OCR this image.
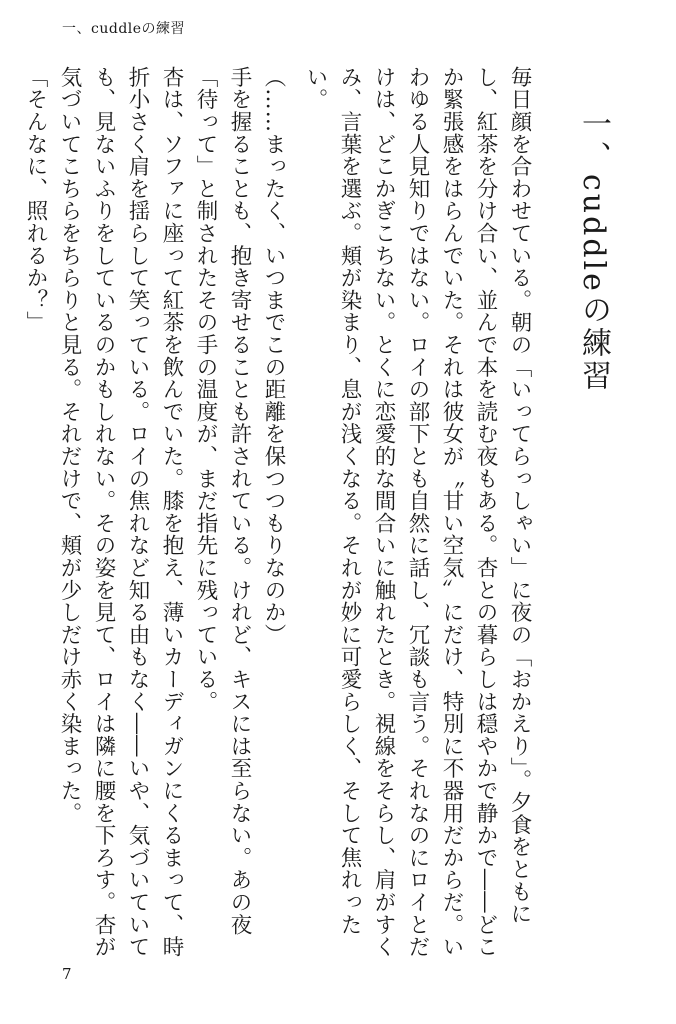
一、cuddleの練習
一、cuddleの練習

毎日顔を合わせている。朝の「いってらっしゃい」に夜の「おかえり」。夕食をともにし、紅茶を分け合い、並んで本を読む夜もある。杏との暮らしは穏やかで静かで――どこか緊張感をはらんでいた。それは彼女が〝甘い空気〟にだけ、特別に不器用だからだ。いわゆる人見知りではない。ロイの部下とも自然に話し、冗談も言う。それなのにロイとだけは、どこかぎこちない。とくに恋愛的な間合いに触れたとき。視線をそらし、肩がすくみ、言葉を選ぶ。頬が染まり、息が浅くなる。それが妙に可愛らしく、そして焦れったい。

（……まったく、いつまでこの距離を保つつもりなのか）

手を握ることも、抱き寄せることも許されている。けれど、キスには至らない。あの夜「待って」と制されたその手の温度が、まだ指先に残っている。

杏は、ソファに座って紅茶を飲んでいた。膝を抱え、薄いカーディガンにくるまって、時折小さく肩を揺らして笑っている。ロイの焦れなど知る由もなく――いや、気づいていても、見ないふりをしているのかもしれない。その姿を見て、ロイは隣に腰を下ろす。杏が気づいてこちらをちらりと見る。それだけで、頬が少しだけ赤く染まった。

「そんなに、照れるか？」

7
